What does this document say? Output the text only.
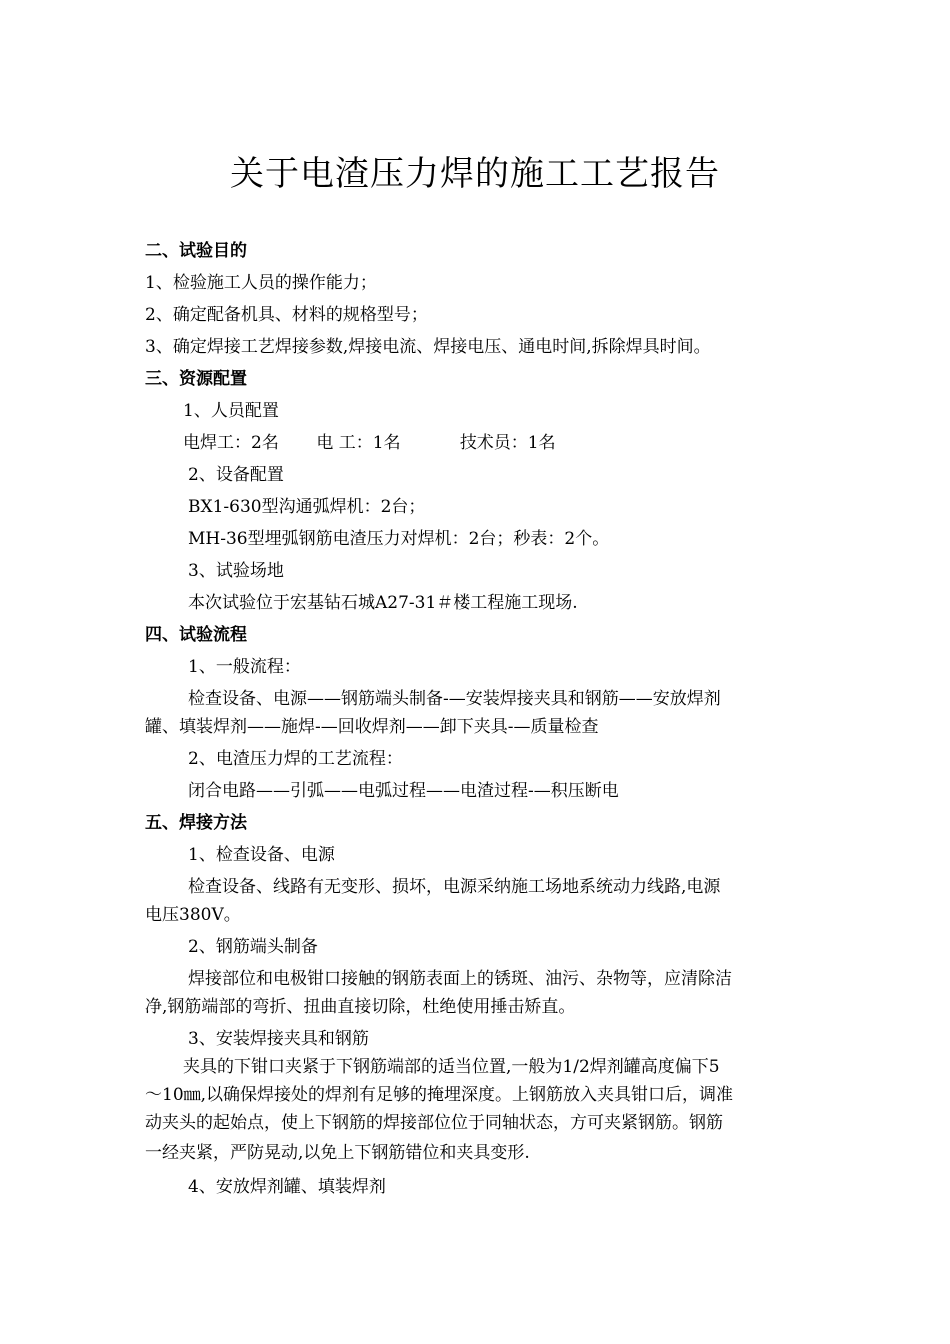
关于电渣压力焊的施工工艺报告
二、试验目的
1、检验施工人员的操作能力；
2、确定配备机具、材料的规格型号；
3、确定焊接工艺焊接参数,焊接电流、焊接电压、通电时间,拆除焊具时间。
三、资源配置
1、人员配置
电焊工：2名 电 工：1名	技术员：1名
2、设备配置
BX1-630型沟通弧焊机：2台；
MH-36型埋弧钢筋电渣压力对焊机：2台；秒表：2个。
3、试验场地
本次试验位于宏基钻石城A27-31＃楼工程施工现场.
四、试验流程
1、一般流程：
检查设备、电源——钢筋端头制备-—安装焊接夹具和钢筋——安放焊剂
罐、填装焊剂——施焊-—回收焊剂——卸下夹具-—质量检查
2、电渣压力焊的工艺流程：
闭合电路——引弧——电弧过程——电渣过程-—积压断电
五、焊接方法
1、检查设备、电源
检查设备、线路有无变形、损坏，电源采纳施工场地系统动力线路,电源
电压380V。
2、钢筋端头制备
焊接部位和电极钳口接触的钢筋表面上的锈斑、油污、杂物等，应清除洁
净,钢筋端部的弯折、扭曲直接切除，杜绝使用捶击矫直。
3、安装焊接夹具和钢筋
夹具的下钳口夹紧于下钢筋端部的适当位置,一般为1/2焊剂罐高度偏下5
～10㎜,以确保焊接处的焊剂有足够的掩埋深度。上钢筋放入夹具钳口后，调准
动夹头的起始点，使上下钢筋的焊接部位位于同轴状态，方可夹紧钢筋。钢筋
一经夹紧，严防晃动,以免上下钢筋错位和夹具变形.
4、安放焊剂罐、填装焊剂
